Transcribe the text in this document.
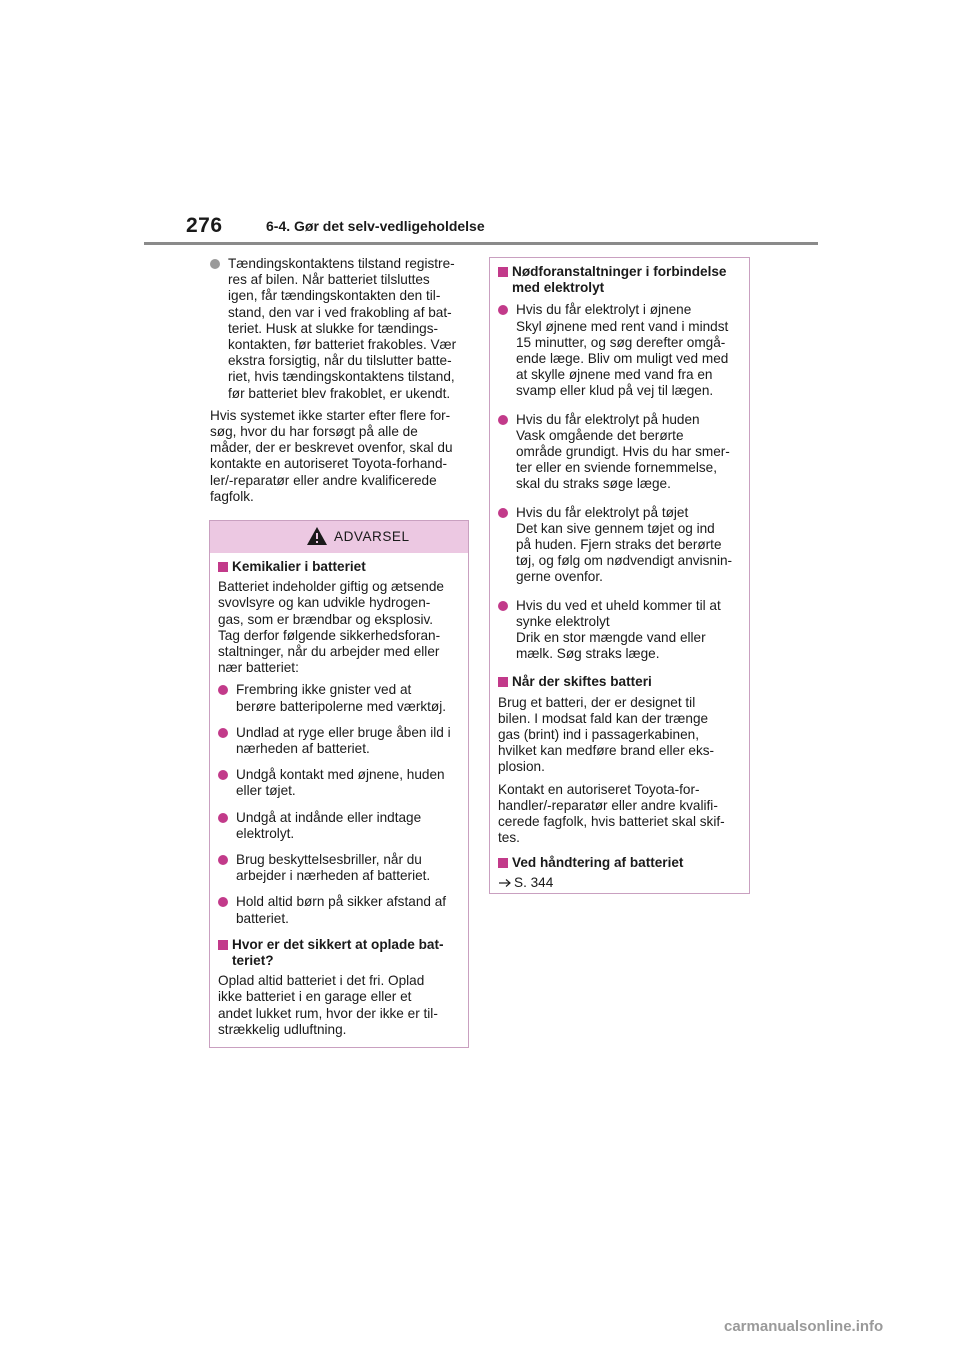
276	6-4. Gør det selv-vedligeholdelse

Tændingskontaktens tilstand registre-

res af bilen. Når batteriet tilsluttes

igen, får tændingskontakten den til-

stand, den var i ved frakobling af bat-

teriet. Husk at slukke for tændings-

kontakten, før batteriet frakobles. Vær

ekstra forsigtig, når du tilslutter batte-

riet, hvis tændingskontaktens tilstand,

før batteriet blev frakoblet, er ukendt.

Hvis systemet ikke starter efter flere for-

søg, hvor du har forsøgt på alle de

måder, der er beskrevet ovenfor, skal du

kontakte en autoriseret Toyota-forhand-

ler/-reparatør eller andre kvalificerede

fagfolk.

ADVARSEL

Kemikalier i batteriet

Batteriet indeholder giftig og ætsende

svovlsyre og kan udvikle hydrogen-

gas, som er brændbar og eksplosiv.

Tag derfor følgende sikkerhedsforan-

staltninger, når du arbejder med eller

nær batteriet:

Frembring ikke gnister ved at

berøre batteripolerne med værktøj.

Undlad at ryge eller bruge åben ild i

nærheden af batteriet.

Undgå kontakt med øjnene, huden

eller tøjet.

Undgå at indånde eller indtage

elektrolyt.

Brug beskyttelsesbriller, når du

arbejder i nærheden af batteriet.

Hold altid børn på sikker afstand af

batteriet.

Hvor er det sikkert at oplade bat-

teriet?

Oplad altid batteriet i det fri. Oplad

ikke batteriet i en garage eller et

andet lukket rum, hvor der ikke er til-

strækkelig udluftning.

Nødforanstaltninger i forbindelse

med elektrolyt

Hvis du får elektrolyt i øjnene

Skyl øjnene med rent vand i mindst

15 minutter, og søg derefter omgå-

ende læge. Bliv om muligt ved med

at skylle øjnene med vand fra en

svamp eller klud på vej til lægen.

Hvis du får elektrolyt på huden

Vask omgående det berørte

område grundigt. Hvis du har smer-

ter eller en sviende fornemmelse,

skal du straks søge læge.

Hvis du får elektrolyt på tøjet

Det kan sive gennem tøjet og ind

på huden. Fjern straks det berørte

tøj, og følg om nødvendigt anvisnin-

gerne ovenfor.

Hvis du ved et uheld kommer til at

synke elektrolyt

Drik en stor mængde vand eller

mælk. Søg straks læge.

Når der skiftes batteri

Brug et batteri, der er designet til

bilen. I modsat fald kan der trænge

gas (brint) ind i passagerkabinen,

hvilket kan medføre brand eller eks-

plosion.

Kontakt en autoriseret Toyota-for-

handler/-reparatør eller andre kvalifi-

cerede fagfolk, hvis batteriet skal skif-

tes.

Ved håndtering af batteriet

S. 344
carmanualsonline.info
